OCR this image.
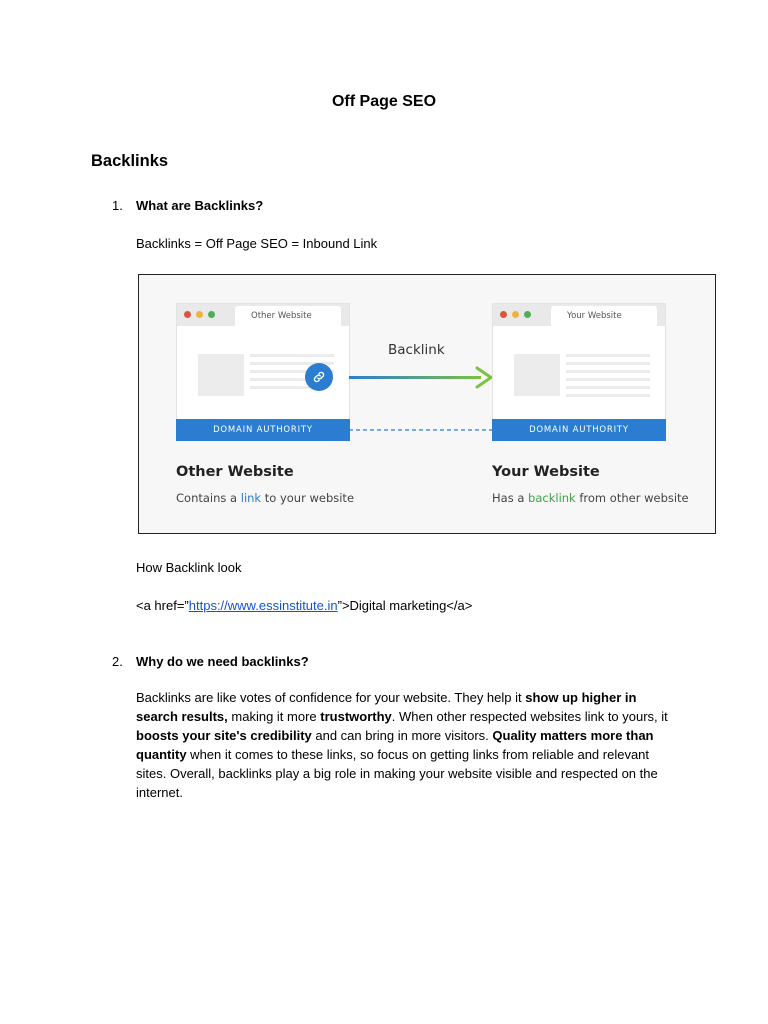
Off Page SEO
Backlinks
1. What are Backlinks?
Backlinks = Off Page SEO = Inbound Link
Other Website
DOMAIN AUTHORITY
Backlink
Your Website
DOMAIN AUTHORITY
Other Website
Contains a link to your website
Your Website
Has a backlink from other website
How Backlink look
<a href=”https://www.essinstitute.in”>Digital marketing</a>
2. Why do we need backlinks?
Backlinks are like votes of confidence for your website. They help it show up higher in search results, making it more trustworthy. When other respected websites link to yours, it boosts your site's credibility and can bring in more visitors. Quality matters more than quantity when it comes to these links, so focus on getting links from reliable and relevant sites. Overall, backlinks play a big role in making your website visible and respected on the internet.
